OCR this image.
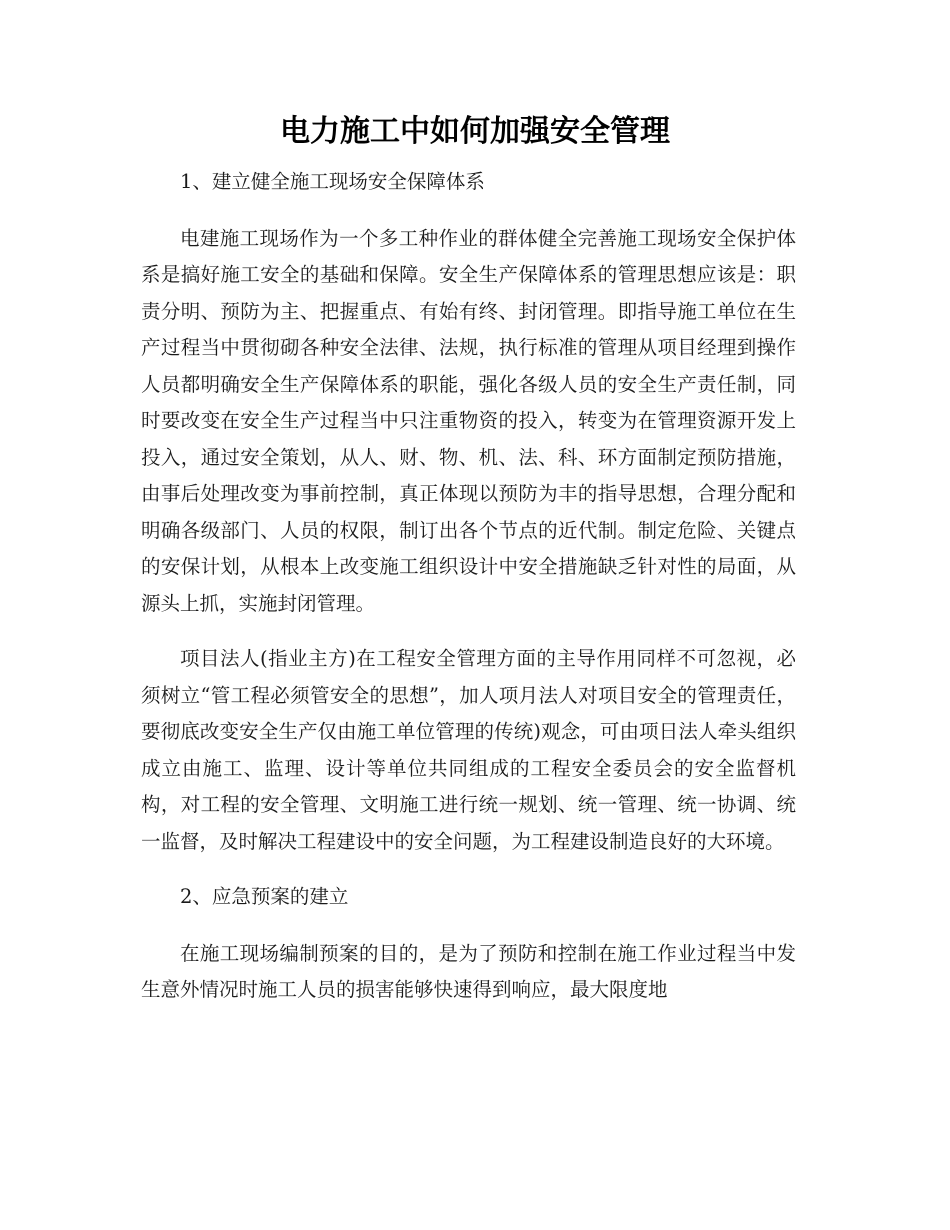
电力施工中如何加强安全管理

1、建立健全施工现场安全保障体系

电建施工现场作为一个多工种作业的群体健全完善施工现场安全保护体系是搞好施工安全的基础和保障。安全生产保障体系的管理思想应该是：职责分明、预防为主、把握重点、有始有终、封闭管理。即指导施工单位在生产过程当中贯彻砌各种安全法律、法规，执行标准的管理从项目经理到操作人员都明确安全生产保障体系的职能，强化各级人员的安全生产责任制，同时要改变在安全生产过程当中只注重物资的投入，转变为在管理资源开发上投入，通过安全策划，从人、财、物、机、法、科、环方面制定预防措施，由事后处理改变为事前控制，真正体现以预防为丰的指导思想，合理分配和明确各级部门、人员的权限，制订出各个节点的近代制。制定危险、关键点的安保计划，从根本上改变施工组织设计中安全措施缺乏针对性的局面，从源头上抓，实施封闭管理。

项目法人(指业主方)在工程安全管理方面的主导作用同样不可忽视，必须树立“管工程必须管安全的思想”，加人项月法人对项目安全的管理责任，要彻底改变安全生产仅由施工单位管理的传统)观念，可由项日法人牵头组织成立由施工、监理、设计等单位共同组成的工程安全委员会的安全监督机构，对工程的安全管理、文明施工进行统一规划、统一管理、统一协调、统一监督，及时解决工程建设中的安全问题，为工程建设制造良好的大环境。

2、应急预案的建立

在施工现场编制预案的目的，是为了预防和控制在施工作业过程当中发生意外情况时施工人员的损害能够快速得到响应，最大限度地
